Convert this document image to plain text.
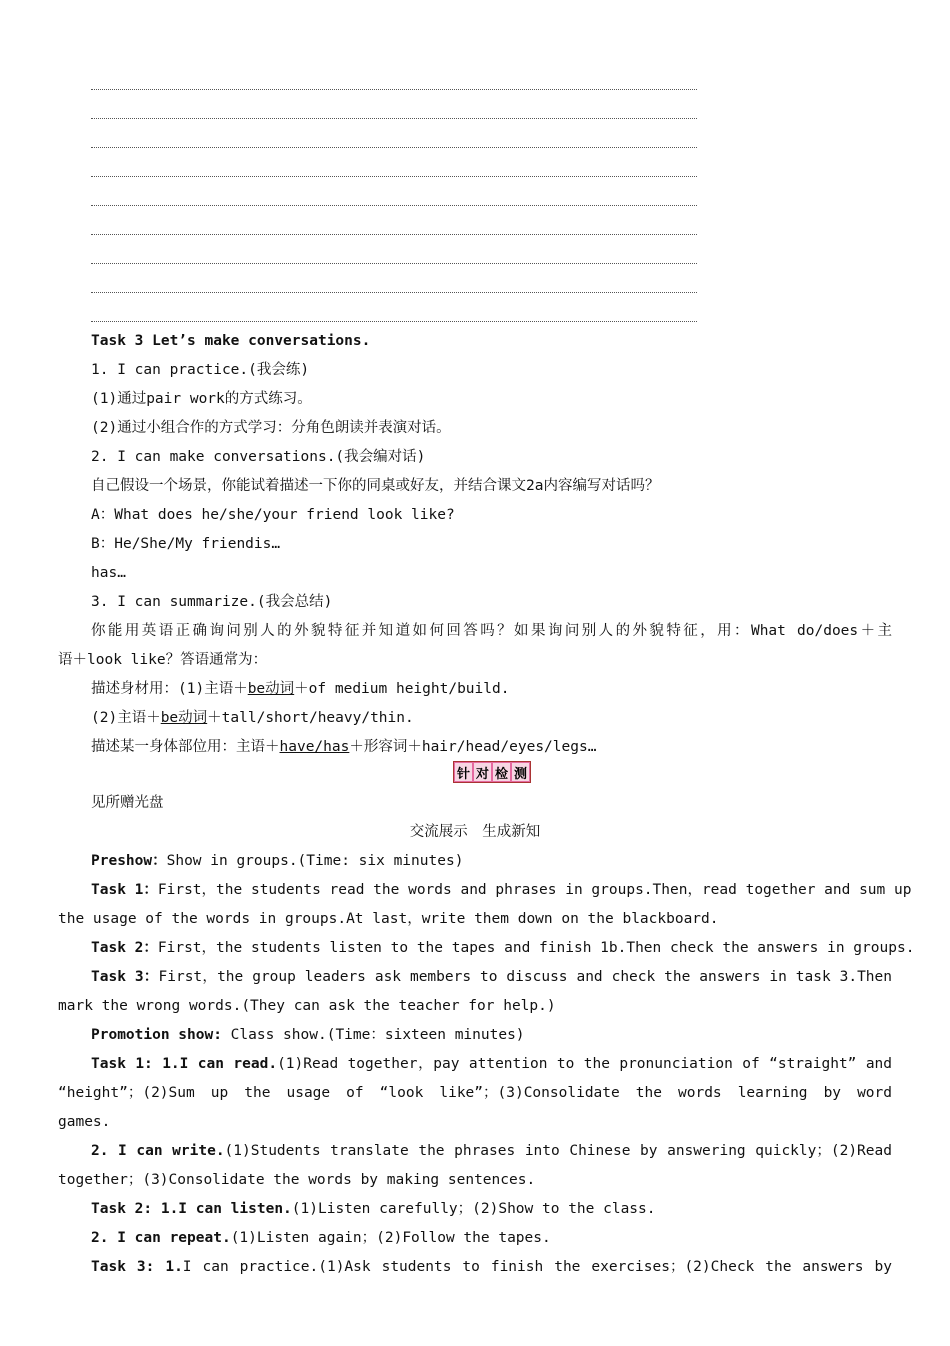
Task 3 Let’s make conversations.
1. I can practice.(我会练)
(1)通过pair work的方式练习。
(2)通过小组合作的方式学习：分角色朗读并表演对话。
2. I can make conversations.(我会编对话)
自己假设一个场景，你能试着描述一下你的同桌或好友，并结合课文2a内容编写对话吗？
A：What does he/she/your friend look like?
B：He/She/My friendis…
has…
3. I can summarize.(我会总结)
你能用英语正确询问别人的外貌特征并知道如何回答吗？如果询问别人的外貌特征，用：What do/does＋主
语＋look like？答语通常为：
描述身材用：(1)主语＋be动词＋of medium height/build.
(2)主语＋be动词＋tall/short/heavy/thin.
描述某一身体部位用：主语＋have/has＋形容词＋hair/head/eyes/legs…
针 对 检 测
见所赠光盘
交流展示　生成新知
Preshow：Show in groups.(Time: six minutes)
Task 1：First，the students read the words and phrases in groups.Then，read together and sum up
the usage of the words in groups.At last，write them down on the blackboard.
Task 2：First，the students listen to the tapes and finish 1b.Then check the answers in groups.
Task 3：First，the group leaders ask members to discuss and check the answers in task 3.Then
mark the wrong words.(They can ask the teacher for help.)
Promotion show: Class show.(Time：sixteen minutes)
Task 1: 1.I can read.(1)Read together，pay attention to the pronunciation of “straight” and
“height”；(2)Sum up the usage of “look like”；(3)Consolidate the words learning by word
games.
2. I can write.(1)Students translate the phrases into Chinese by answering quickly；(2)Read
together；(3)Consolidate the words by making sentences.
Task 2: 1.I can listen.(1)Listen carefully；(2)Show to the class.
2. I can repeat.(1)Listen again；(2)Follow the tapes.
Task 3: 1.I can practice.(1)Ask students to finish the exercises；(2)Check the answers by
